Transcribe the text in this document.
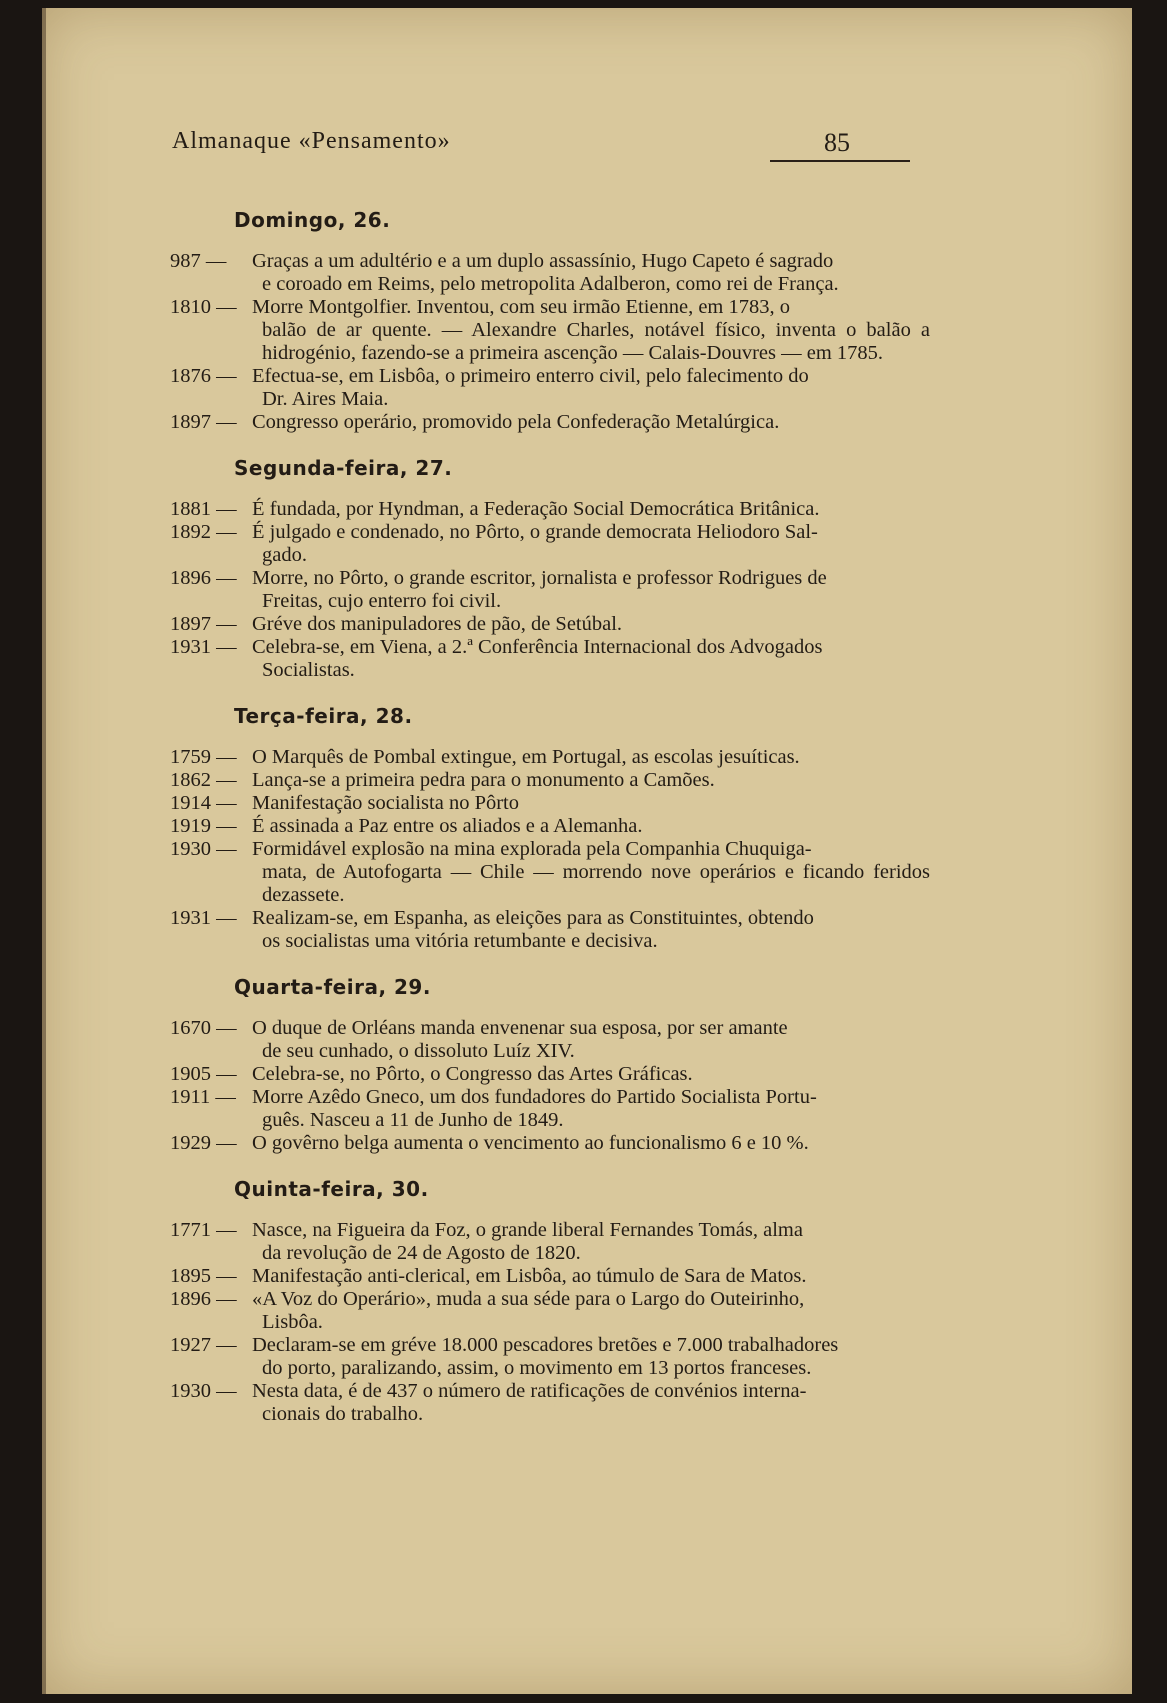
Almanaque «Pensamento»	85
Domingo, 26.
987 —	Graças a um adultério e a um duplo assassínio, Hugo Capeto é sagrado
e coroado em Reims, pelo metropolita Adalberon, como rei de França.
1810 — Morre Montgolfier. Inventou, com seu irmão Etienne, em 1783, o
balão de ar quente. — Alexandre Charles, notável físico, inventa o balão a hidrogénio, fazendo-se a primeira ascenção — Calais-Douvres — em 1785.
1876 — Efectua-se, em Lisbôa, o primeiro enterro civil, pelo falecimento do
Dr. Aires Maia.
1897 — Congresso operário, promovido pela Confederação Metalúrgica.
Segunda-feira, 27.
1881 — É fundada, por Hyndman, a Federação Social Democrática Britânica.
1892 — É julgado e condenado, no Pôrto, o grande democrata Heliodoro Sal-
gado.
1896 — Morre, no Pôrto, o grande escritor, jornalista e professor Rodrigues de
Freitas, cujo enterro foi civil.
1897 — Gréve dos manipuladores de pão, de Setúbal.
1931 — Celebra-se, em Viena, a 2.ª Conferência Internacional dos Advogados
Socialistas.
Terça-feira, 28.
1759 — O Marquês de Pombal extingue, em Portugal, as escolas jesuíticas.
1862 — Lança-se a primeira pedra para o monumento a Camões.
1914 — Manifestação socialista no Pôrto
1919 — É assinada a Paz entre os aliados e a Alemanha.
1930 — Formidável explosão na mina explorada pela Companhia Chuquiga-
mata, de Autofogarta — Chile — morrendo nove operários e ficando feridos dezassete.
1931 — Realizam-se, em Espanha, as eleições para as Constituintes, obtendo
os socialistas uma vitória retumbante e decisiva.
Quarta-feira, 29.
1670 — O duque de Orléans manda envenenar sua esposa, por ser amante
de seu cunhado, o dissoluto Luíz XIV.
1905 — Celebra-se, no Pôrto, o Congresso das Artes Gráficas.
1911 — Morre Azêdo Gneco, um dos fundadores do Partido Socialista Portu-
guês. Nasceu a 11 de Junho de 1849.
1929 — O govêrno belga aumenta o vencimento ao funcionalismo 6 e 10 %.
Quinta-feira, 30.
1771 — Nasce, na Figueira da Foz, o grande liberal Fernandes Tomás, alma
da revolução de 24 de Agosto de 1820.
1895 — Manifestação anti-clerical, em Lisbôa, ao túmulo de Sara de Matos.
1896 — «A Voz do Operário», muda a sua séde para o Largo do Outeirinho,
Lisbôa.
1927 — Declaram-se em gréve 18.000 pescadores bretões e 7.000 trabalhadores
do porto, paralizando, assim, o movimento em 13 portos franceses.
1930 — Nesta data, é de 437 o número de ratificações de convénios interna-
cionais do trabalho.
